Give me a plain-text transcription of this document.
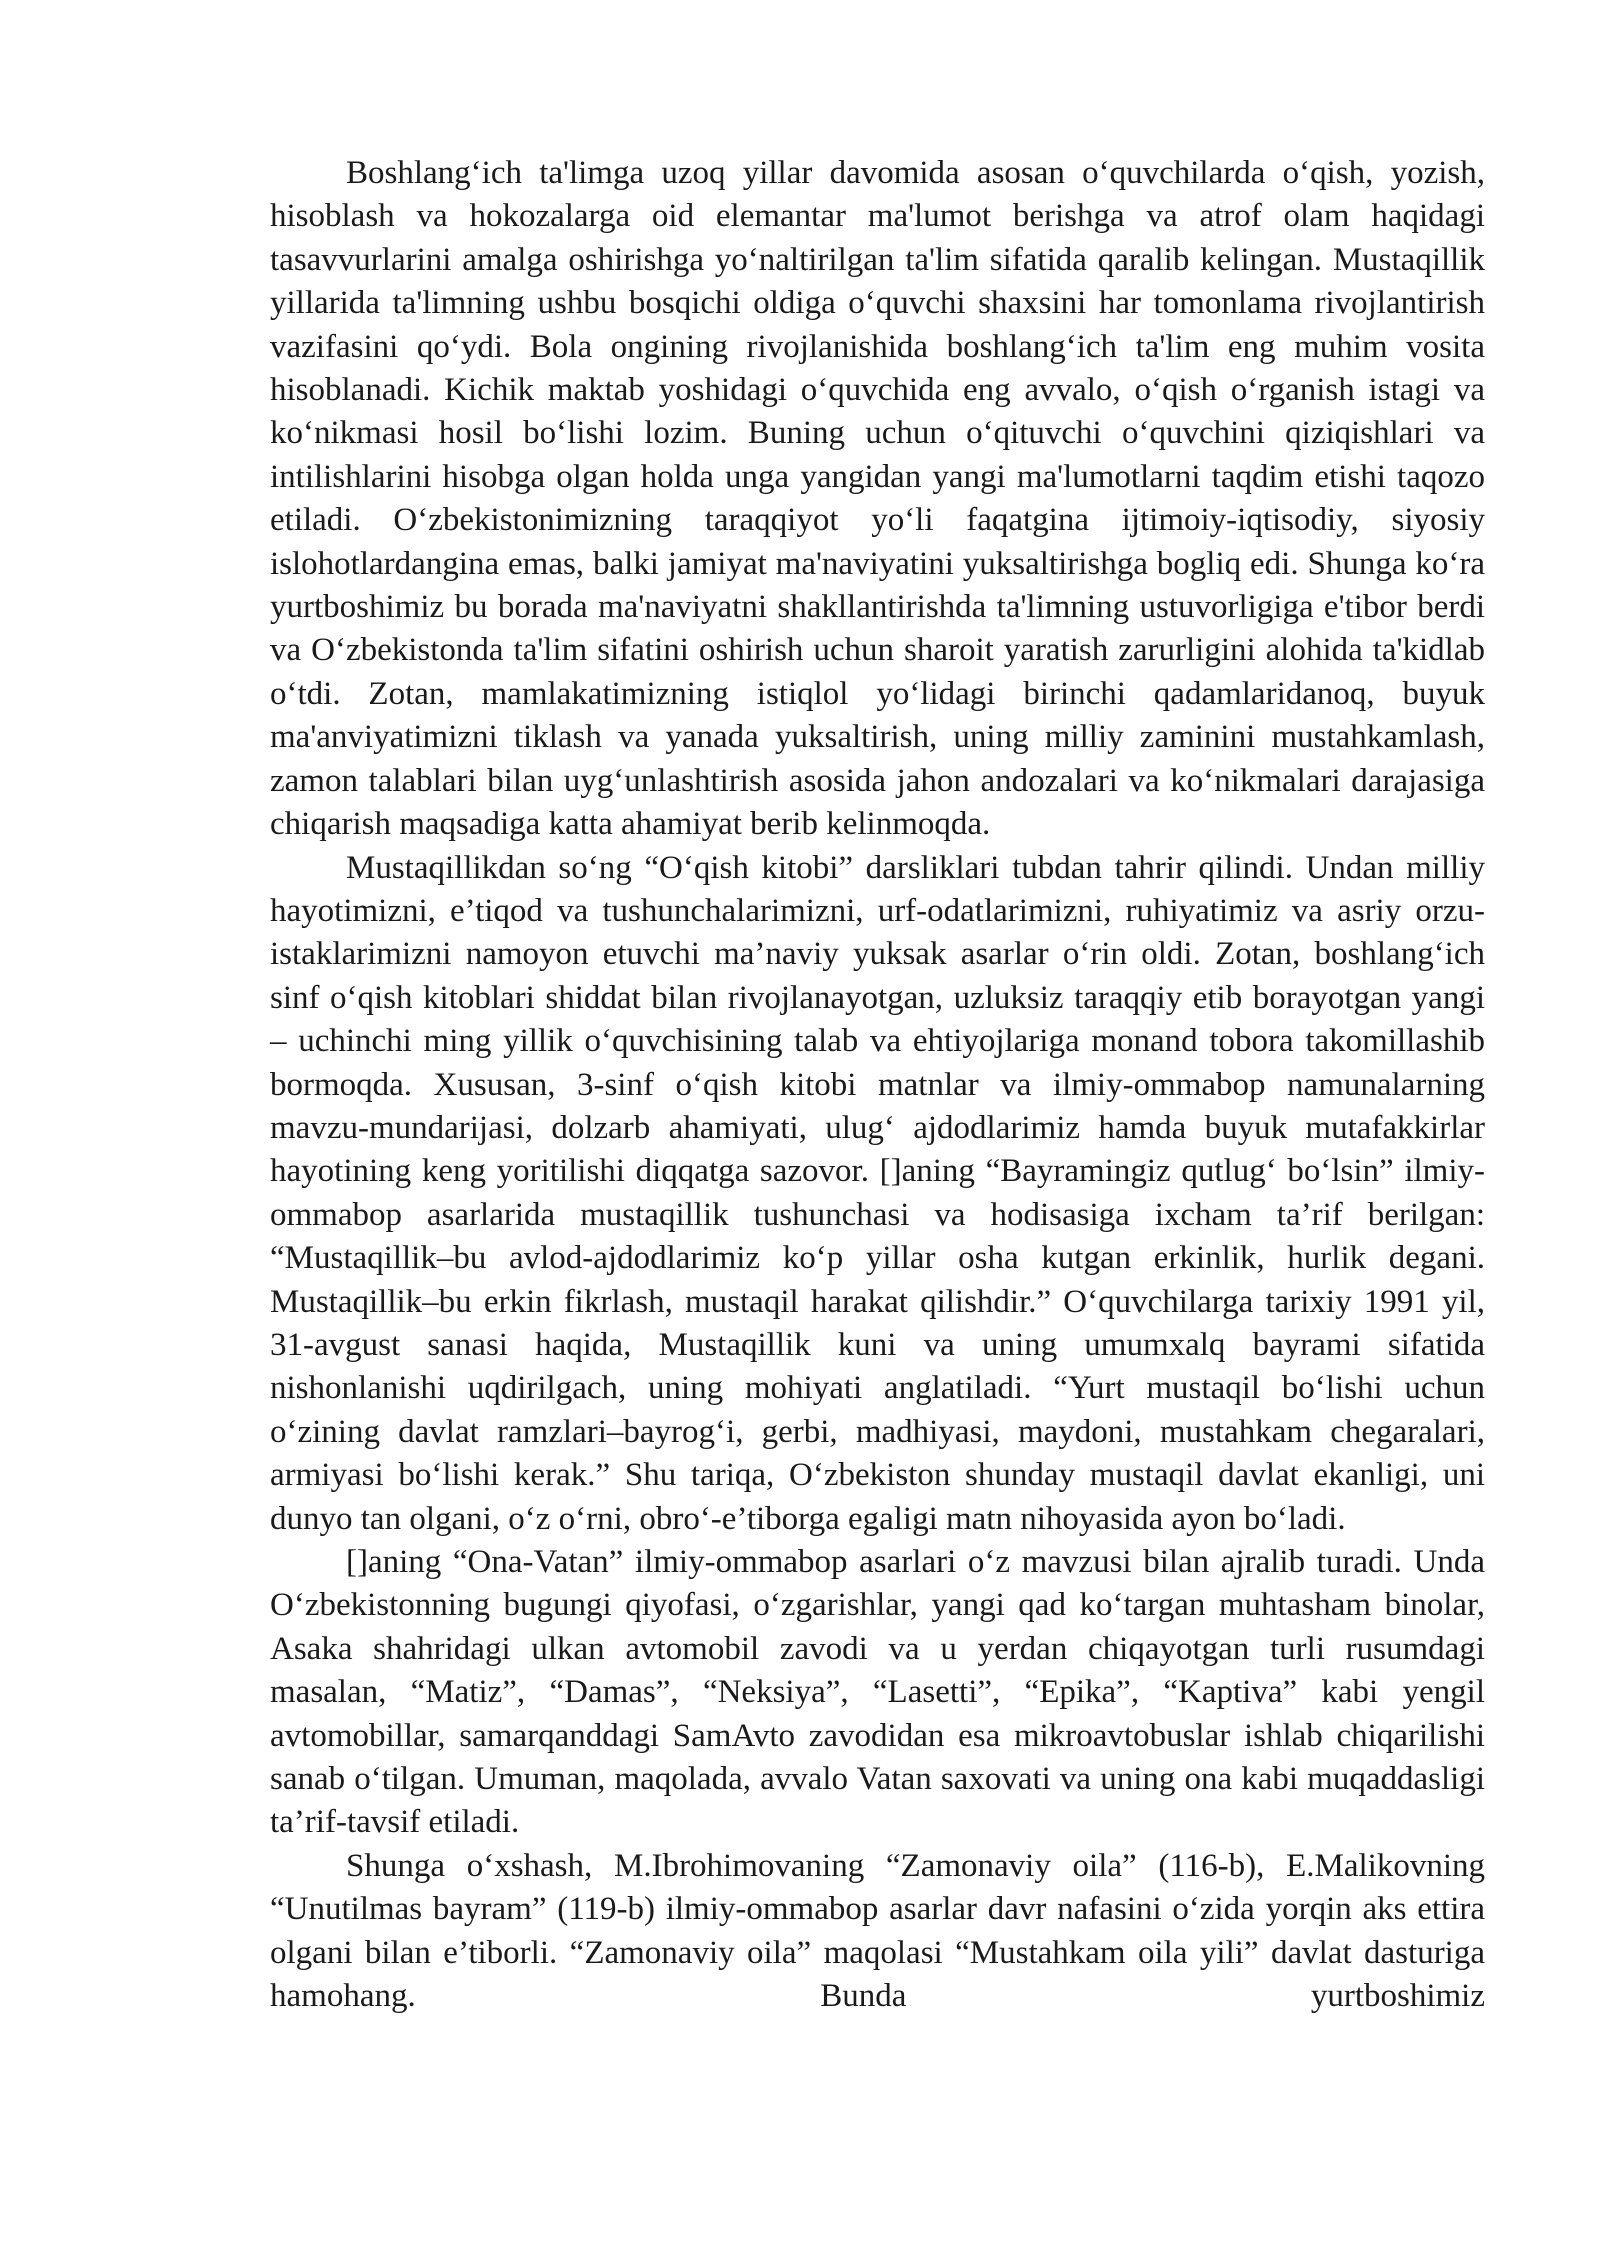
Boshlang‘ich ta'limga uzoq yillar davomida asosan o‘quvchilarda o‘qish, yozish, hisoblash va hokozalarga oid elemantar ma'lumot berishga va atrof olam haqidagi tasavvurlarini amalga oshirishga yo‘naltirilgan ta'lim sifatida qaralib kelingan. Mustaqillik yillarida ta'limning ushbu bosqichi oldiga o‘quvchi shaxsini har tomonlama rivojlantirish vazifasini qo‘ydi. Bola ongining rivojlanishida boshlang‘ich ta'lim eng muhim vosita hisoblanadi. Kichik maktab yoshidagi o‘quvchida eng avvalo, o‘qish o‘rganish istagi va ko‘nikmasi hosil bo‘lishi lozim. Buning uchun o‘qituvchi o‘quvchini qiziqishlari va intilishlarini hisobga olgan holda unga yangidan yangi ma'lumotlarni taqdim etishi taqozo etiladi. O‘zbekistonimizning taraqqiyot yo‘li faqatgina ijtimoiy-iqtisodiy, siyosiy islohotlardangina emas, balki jamiyat ma'naviyatini yuksaltirishga bogliq edi. Shunga ko‘ra yurtboshimiz bu borada ma'naviyatni shakllantirishda ta'limning ustuvorligiga e'tibor berdi va O‘zbekistonda ta'lim sifatini oshirish uchun sharoit yaratish zarurligini alohida ta'kidlab o‘tdi. Zotan, mamlakatimizning istiqlol yo‘lidagi birinchi qadamlaridanoq, buyuk ma'anviyatimizni tiklash va yanada yuksaltirish, uning milliy zaminini mustahkamlash, zamon talablari bilan uyg‘unlashtirish asosida jahon andozalari va ko‘nikmalari darajasiga chiqarish maqsadiga katta ahamiyat berib kelinmoqda.

Mustaqillikdan so‘ng “O‘qish kitobi” darsliklari tubdan tahrir qilindi. Undan milliy hayotimizni, e’tiqod va tushunchalarimizni, urf-odatlarimizni, ruhiyatimiz va asriy orzu- istaklarimizni namoyon etuvchi ma’naviy yuksak asarlar o‘rin oldi. Zotan, boshlang‘ich sinf o‘qish kitoblari shiddat bilan rivojlanayotgan, uzluksiz taraqqiy etib borayotgan yangi – uchinchi ming yillik o‘quvchisining talab va ehtiyojlariga monand tobora takomillashib bormoqda. Xususan, 3-sinf o‘qish kitobi matnlar va ilmiy-ommabop namunalarning mavzu-mundarijasi, dolzarb ahamiyati, ulug‘ ajdodlarimiz hamda buyuk mutafakkirlar hayotining keng yoritilishi diqqatga sazovor. []aning “Bayramingiz qutlug‘ bo‘lsin” ilmiy-ommabop asarlarida mustaqillik tushunchasi va hodisasiga ixcham ta’rif berilgan: “Mustaqillik–bu avlod-ajdodlarimiz ko‘p yillar osha kutgan erkinlik, hurlik degani. Mustaqillik–bu erkin fikrlash, mustaqil harakat qilishdir.” O‘quvchilarga tarixiy 1991 yil, 31-avgust sanasi haqida, Mustaqillik kuni va uning umumxalq bayrami sifatida nishonlanishi uqdirilgach, uning mohiyati anglatiladi. “Yurt mustaqil bo‘lishi uchun o‘zining davlat ramzlari–bayrog‘i, gerbi, madhiyasi, maydoni, mustahkam chegaralari, armiyasi bo‘lishi kerak.” Shu tariqa, O‘zbekiston shunday mustaqil davlat ekanligi, uni dunyo tan olgani, o‘z o‘rni, obro‘-e’tiborga egaligi matn nihoyasida ayon bo‘ladi.

[]aning “Ona-Vatan” ilmiy-ommabop asarlari o‘z mavzusi bilan ajralib turadi. Unda O‘zbekistonning bugungi qiyofasi, o‘zgarishlar, yangi qad ko‘targan muhtasham binolar, Asaka shahridagi ulkan avtomobil zavodi va u yerdan chiqayotgan turli rusumdagi masalan, “Matiz”, “Damas”, “Neksiya”, “Lasetti”, “Epika”, “Kaptiva” kabi yengil avtomobillar, samarqanddagi SamAvto zavodidan esa mikroavtobuslar ishlab chiqarilishi sanab o‘tilgan. Umuman, maqolada, avvalo Vatan saxovati va uning ona kabi muqaddasligi ta’rif-tavsif etiladi.

Shunga o‘xshash, M.Ibrohimovaning “Zamonaviy oila” (116-b), E.Malikovning “Unutilmas bayram” (119-b) ilmiy-ommabop asarlar davr nafasini o‘zida yorqin aks ettira olgani bilan e’tiborli. “Zamonaviy oila” maqolasi “Mustahkam oila yili” davlat dasturiga hamohang. Bunda yurtboshimiz
